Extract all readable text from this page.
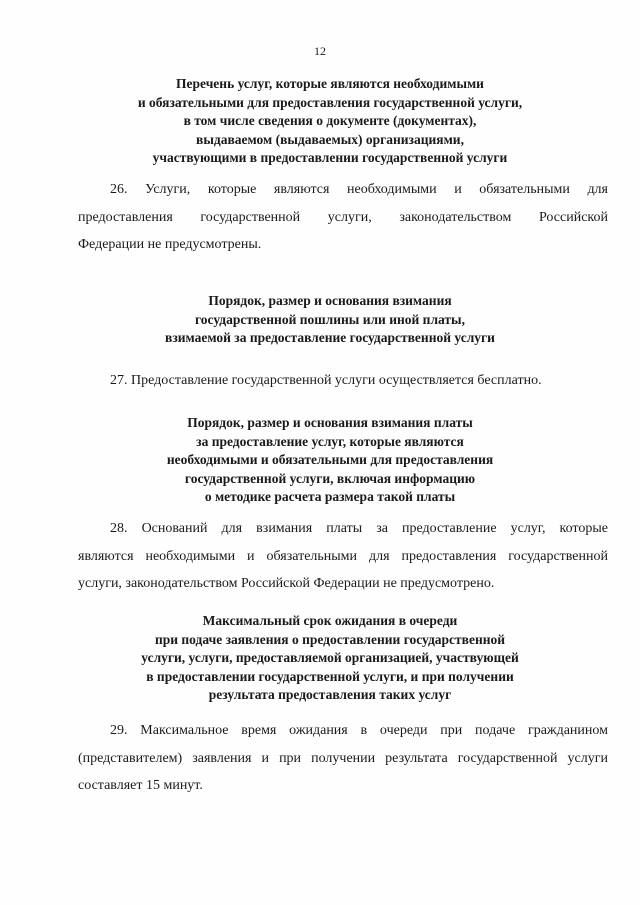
12
Перечень услуг, которые являются необходимыми
и обязательными для предоставления государственной услуги,
в том числе сведения о документе (документах),
выдаваемом (выдаваемых) организациями,
участвующими в предоставлении государственной услуги
26. Услуги, которые являются необходимыми и обязательными для
предоставления государственной услуги, законодательством Российской
Федерации не предусмотрены.
Порядок, размер и основания взимания
государственной пошлины или иной платы,
взимаемой за предоставление государственной услуги
27. Предоставление государственной услуги осуществляется бесплатно.
Порядок, размер и основания взимания платы
за предоставление услуг, которые являются
необходимыми и обязательными для предоставления
государственной услуги, включая информацию
о методике расчета размера такой платы
28. Оснований для взимания платы за предоставление услуг, которые
являются необходимыми и обязательными для предоставления государственной
услуги, законодательством Российской Федерации не предусмотрено.
Максимальный срок ожидания в очереди
при подаче заявления о предоставлении государственной
услуги, услуги, предоставляемой организацией, участвующей
в предоставлении государственной услуги, и при получении
результата предоставления таких услуг
29. Максимальное время ожидания в очереди при подаче гражданином
(представителем) заявления и при получении результата государственной услуги
составляет 15 минут.
